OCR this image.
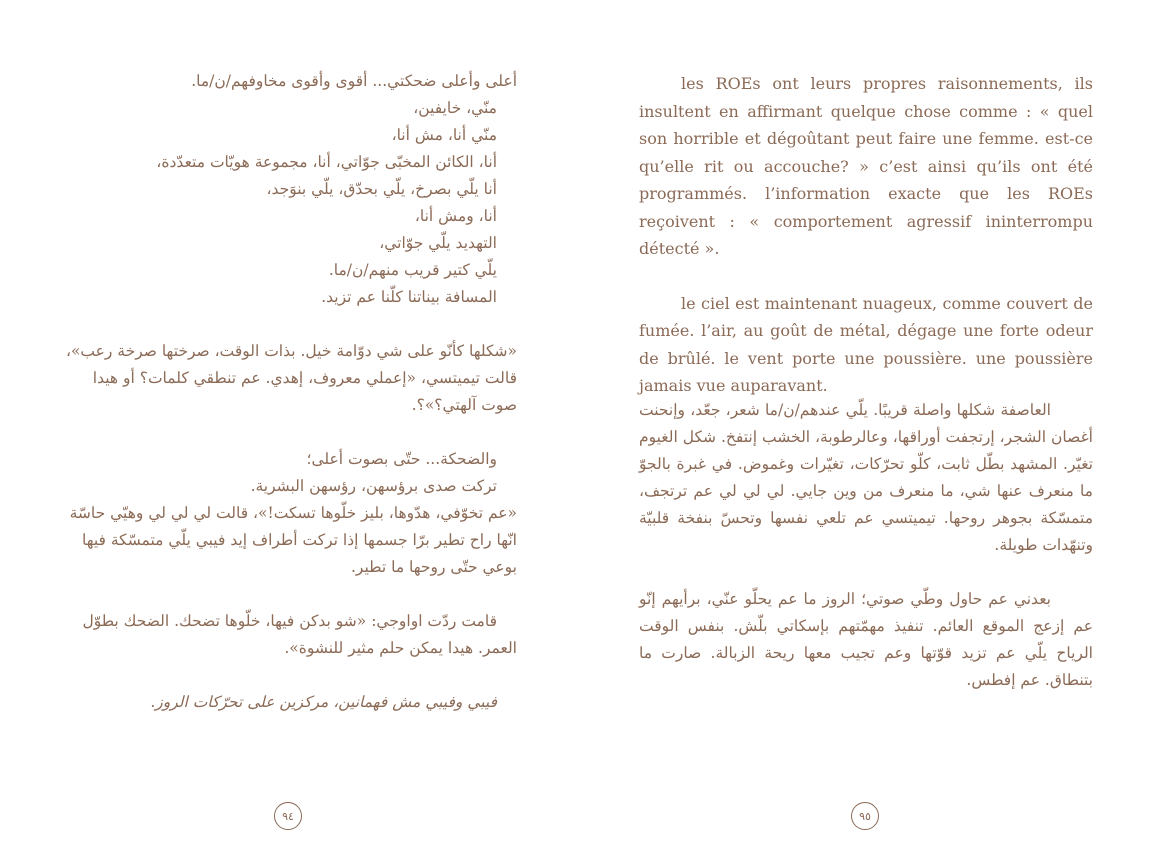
أعلى وأعلى ضحكتي... أقوى وأقوى مخاوفهم/ن/ما.
منّي، خايفين،
منّي أنا، مش أنا،
أنا، الكائن المخبّى جوّاتي، أنا، مجموعة هويّات متعدّدة،
أنا يلّي بصرخ، يلّي بحدّق، يلّي بنوَجد،
أنا، ومش أنا،
التهديد يلّي جوّاتي،
يلّي كتير قريب منهم/ن/ما.
المسافة بيناتنا كلّنا عم تزيد.

«شكلها كأنّو على شي دوّامة خيل. بذات الوقت، صرختها صرخة رعب»، قالت تيميتسي، «إعملي معروف، إهدي. عم تنطقي كلمات؟ أو هيدا صوت آلهتي؟»؟.

والضحكة... حتّى بصوت أعلى؛
تركت صدى برؤسهن، رؤسهن البشرية.

«عم تخوّفي، هدّوها، بليز خلّوها تسكت!»، قالت لي لي لي وهيّي حاسّة انّها راح تطير برّا جسمها إذا تركت أطراف إيد فيبي يلّي متمسّكة فيها بوعي حتّى روحها ما تطير.

قامت ردّت اواوجي: «شو بدكن فيها، خلّوها تضحك. الضحك بطوّل العمر. هيدا يمكن حلم مثير للنشوة».

فيبي وفيبي مش فهمانين، مركزين على تحرّكات الروز.
٩٤

les ROEs ont leurs propres raisonnements, ils insultent en affirmant quelque chose comme : « quel son horrible et dégoûtant peut faire une femme. est-ce qu’elle rit ou accouche? » c’est ainsi qu’ils ont été programmés. l’information exacte que les ROEs reçoivent : « comportement agressif ininterrompu détecté ».

le ciel est maintenant nuageux, comme couvert de fumée. l’air, au goût de métal, dégage une forte odeur de brûlé. le vent porte une poussière. une poussière jamais vue auparavant.

العاصفة شكلها واصلة قريبًا. يلّي عندهم/ن/ما شعر، جعّد، وإنحنت أغصان الشجر، إرتجفت أوراقها، وعالرطوبة، الخشب إنتفخ. شكل الغيوم تغيّر. المشهد بطّل ثابت، كلّو تحرّكات، تغيّرات وغموض. في غبرة بالجوّ ما منعرف عنها شي، ما منعرف من وين جايي. لي لي لي عم ترتجف، متمسّكة بجوهر روحها. تيميتسي عم تلعي نفسها وتحسّ بنفخة قلبيّة وتنهّدات طويلة.

بعدني عم حاول وطّي صوتي؛ الروز ما عم يحلّو عنّي، برأيهم إنّو عم إزعج الموقع العائم. تنفيذ مهمّتهم بإسكاتي بلّش. بنفس الوقت الرياح يلّي عم تزيد قوّتها وعم تجيب معها ريحة الزبالة. صارت ما بتنطاق. عم إفطس.

٩٥
